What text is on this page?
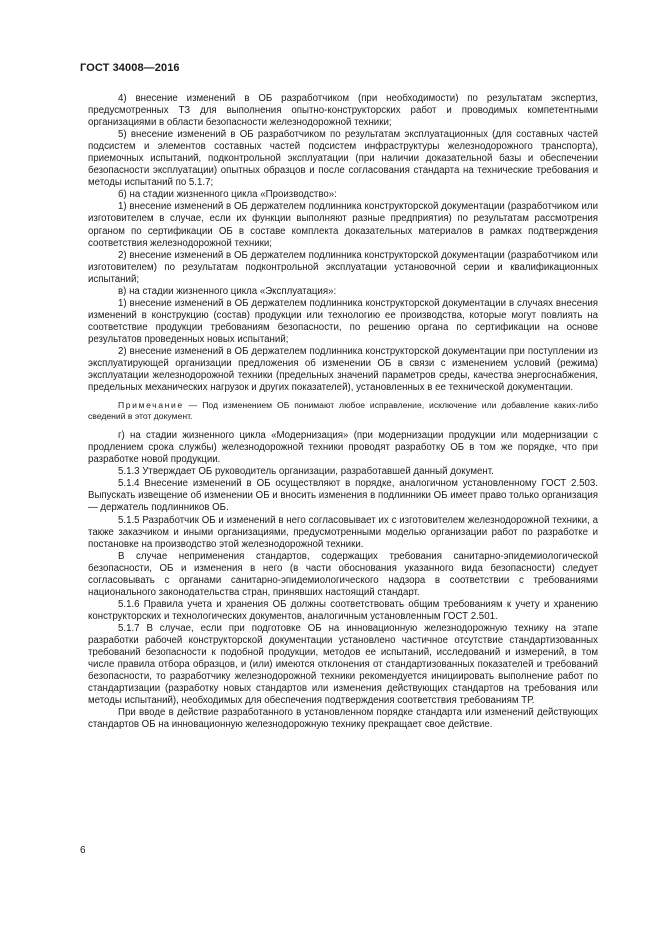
ГОСТ 34008—2016

4) внесение изменений в ОБ разработчиком (при необходимости) по результатам экспертиз, предусмотренных ТЗ для выполнения опытно-конструкторских работ и проводимых компетентными организациями в области безопасности железнодорожной техники;

5) внесение изменений в ОБ разработчиком по результатам эксплуатационных (для составных частей подсистем и элементов составных частей подсистем инфраструктуры железнодорожного транспорта), приемочных испытаний, подконтрольной эксплуатации (при наличии доказательной базы и обеспечении безопасности эксплуатации) опытных образцов и после согласования стандарта на технические требования и методы испытаний по 5.1.7;

б) на стадии жизненного цикла «Производство»:

1) внесение изменений в ОБ держателем подлинника конструкторской документации (разработчиком или изготовителем в случае, если их функции выполняют разные предприятия) по результатам рассмотрения органом по сертификации ОБ в составе комплекта доказательных материалов в рамках подтверждения соответствия железнодорожной техники;

2) внесение изменений в ОБ держателем подлинника конструкторской документации (разработчиком или изготовителем) по результатам подконтрольной эксплуатации установочной серии и квалификационных испытаний;

в) на стадии жизненного цикла «Эксплуатация»:

1) внесение изменений в ОБ держателем подлинника конструкторской документации в случаях внесения изменений в конструкцию (состав) продукции или технологию ее производства, которые могут повлиять на соответствие продукции требованиям безопасности, по решению органа по сертификации на основе результатов проведенных новых испытаний;

2) внесение изменений в ОБ держателем подлинника конструкторской документации при поступлении из эксплуатирующей организации предложения об изменении ОБ в связи с изменением условий (режима) эксплуатации железнодорожной техники (предельных значений параметров среды, качества энергоснабжения, предельных механических нагрузок и других показателей), установленных в ее технической документации.

Примечание — Под изменением ОБ понимают любое исправление, исключение или добавление каких-либо сведений в этот документ.

г) на стадии жизненного цикла «Модернизация» (при модернизации продукции или модернизации с продлением срока службы) железнодорожной техники проводят разработку ОБ в том же порядке, что при разработке новой продукции.

5.1.3 Утверждает ОБ руководитель организации, разработавшей данный документ.

5.1.4 Внесение изменений в ОБ осуществляют в порядке, аналогичном установленному ГОСТ 2.503. Выпускать извещение об изменении ОБ и вносить изменения в подлинники ОБ имеет право только организация — держатель подлинников ОБ.

5.1.5 Разработчик ОБ и изменений в него согласовывает их с изготовителем железнодорожной техники, а также заказчиком и иными организациями, предусмотренными моделью организации работ по разработке и постановке на производство этой железнодорожной техники.

В случае неприменения стандартов, содержащих требования санитарно-эпидемиологической безопасности, ОБ и изменения в него (в части обоснования указанного вида безопасности) следует согласовывать с органами санитарно-эпидемиологического надзора в соответствии с требованиями национального законодательства стран, принявших настоящий стандарт.

5.1.6 Правила учета и хранения ОБ должны соответствовать общим требованиям к учету и хранению конструкторских и технологических документов, аналогичным установленным ГОСТ 2.501.

5.1.7 В случае, если при подготовке ОБ на инновационную железнодорожную технику на этапе разработки рабочей конструкторской документации установлено частичное отсутствие стандартизованных требований безопасности к подобной продукции, методов ее испытаний, исследований и измерений, в том числе правила отбора образцов, и (или) имеются отклонения от стандартизованных показателей и требований безопасности, то разработчику железнодорожной техники рекомендуется инициировать выполнение работ по стандартизации (разработку новых стандартов или изменения действующих стандартов на требования или методы испытаний), необходимых для обеспечения подтверждения соответствия требованиям ТР.

При вводе в действие разработанного в установленном порядке стандарта или изменений действующих стандартов ОБ на инновационную железнодорожную технику прекращает свое действие.

6
